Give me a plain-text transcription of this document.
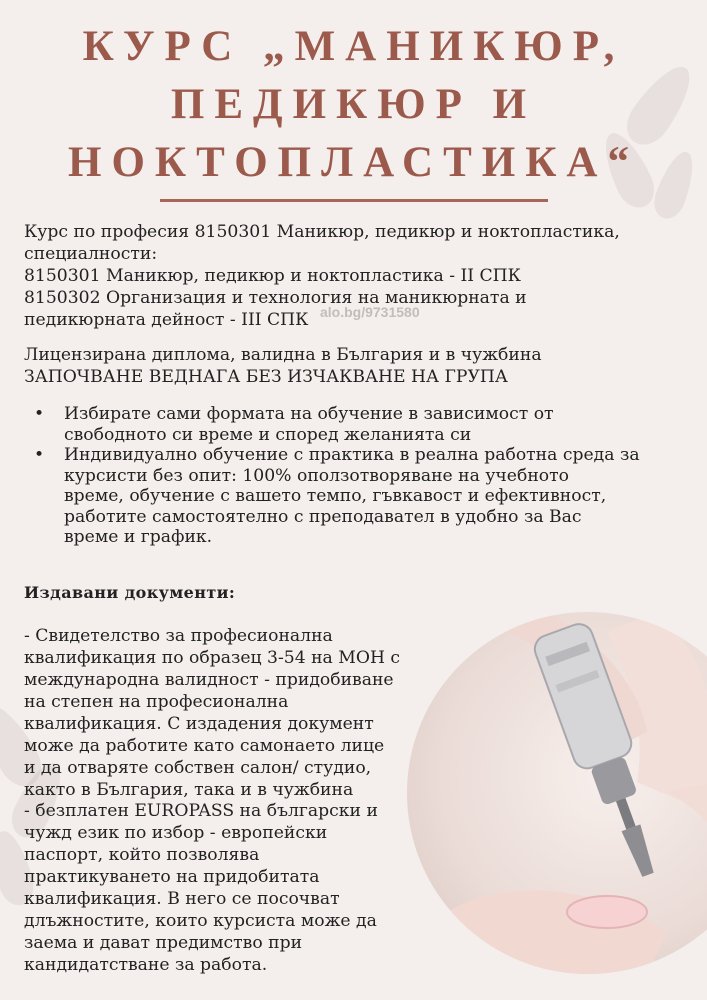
КУРС „МАНИКЮР,
ПЕДИКЮР И
НОКТОПЛАСТИКА“
Курс по професия 8150301 Маникюр, педикюр и ноктопластика,
специалности:
8150301 Маникюр, педикюр и ноктопластика - II СПК
8150302 Организация и технология на маникюрната и
педикюрната дейност - III СПК alo.bg/9731580
Лицензирана диплома, валидна в България и в чужбина
ЗАПОЧВАНЕ ВЕДНАГА БЕЗ ИЗЧАКВАНЕ НА ГРУПА
• Избирате сами формата на обучение в зависимост от
свободното си време и според желанията си
• Индивидуално обучение с практика в реална работна среда за
курсисти без опит: 100% оползотворяване на учебното
време, обучение с вашето темпо, гъвкавост и ефективност,
работите самостоятелно с преподавател в удобно за Вас
време и график.
Издавани документи:
- Свидетелство за професионална
квалификация по образец 3-54 на МОН с
международна валидност - придобиване
на степен на професионална
квалификация. С издадения документ
може да работите като самонаето лице
и да отваряте собствен салон/ студио,
както в България, така и в чужбина
- безплатен EUROPASS на български и
чужд език по избор - европейски
паспорт, който позволява
практикуването на придобитата
квалификация. В него се посочват
длъжностите, които курсиста може да
заема и дават предимство при
кандидатстване за работа.
